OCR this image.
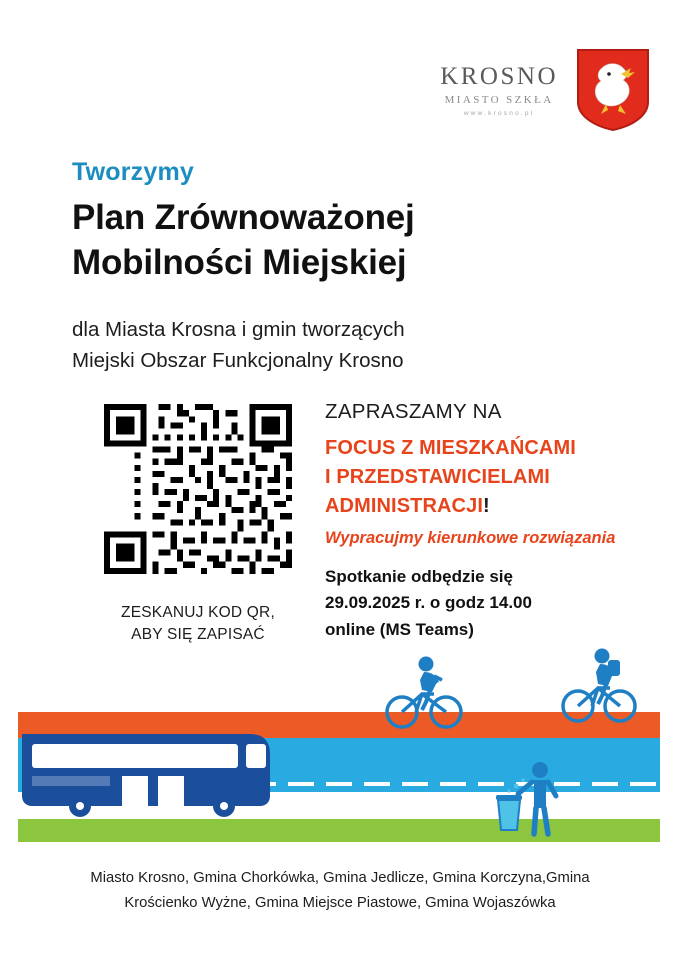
KROSNO
MIASTO SZKŁA
www.krosno.pl
Tworzymy
Plan Zrównoważonej
Mobilności Miejskiej
dla Miasta Krosna i gmin tworzących
Miejski Obszar Funkcjonalny Krosno
ZESKANUJ KOD QR,
ABY SIĘ ZAPISAĆ
ZAPRASZAMY NA
FOCUS Z MIESZKAŃCAMI
I PRZEDSTAWICIELAMI
ADMINISTRACJI!
Wypracujmy kierunkowe rozwiązania
Spotkanie odbędzie się
29.09.2025 r. o godz 14.00
online (MS Teams)
Miasto Krosno, Gmina Chorkówka, Gmina Jedlicze, Gmina Korczyna,Gmina
Krościenko Wyżne, Gmina Miejsce Piastowe, Gmina Wojaszówka
